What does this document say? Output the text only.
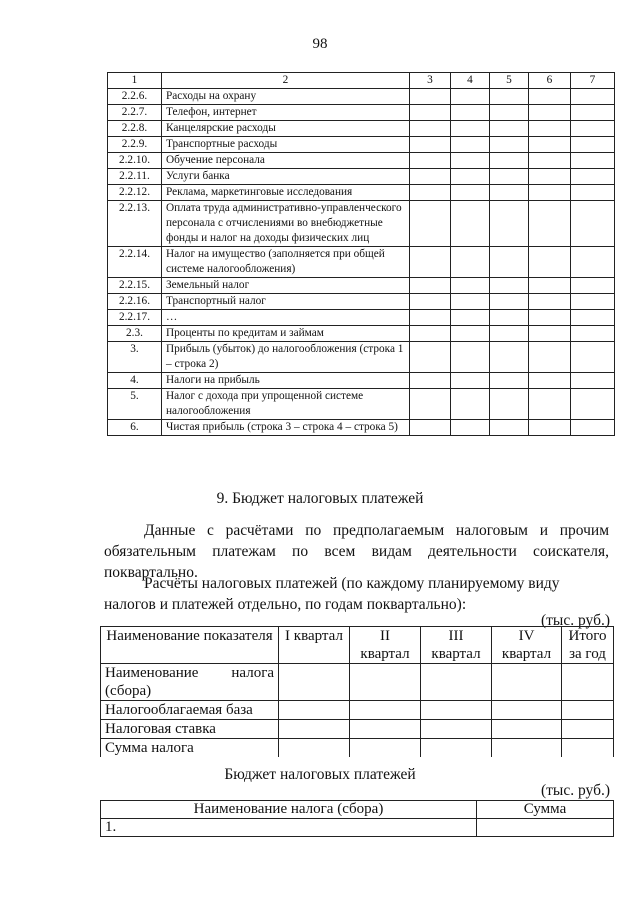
98
1	2	3	4	5	6	7
2.2.6.	Расходы на охрану					
2.2.7.	Телефон, интернет					
2.2.8.	Канцелярские расходы					
2.2.9.	Транспортные расходы					
2.2.10.	Обучение персонала					
2.2.11.	Услуги банка					
2.2.12.	Реклама, маркетинговые исследования					
2.2.13.	Оплата труда административно-управленческого персонала с отчислениями во внебюджетные фонды и налог на доходы физических лиц					
2.2.14.	Налог на имущество (заполняется при общей системе налогообложения)					
2.2.15.	Земельный налог					
2.2.16.	Транспортный налог					
2.2.17.	…					
2.3.	Проценты по кредитам и займам					
3.	Прибыль (убыток) до налогообложения (строка 1 – строка 2)					
4.	Налоги на прибыль					
5.	Налог с дохода при упрощенной системе налогообложения					
6.	Чистая прибыль (строка 3 – строка 4 – строка 5)					
9. Бюджет налоговых платежей
Данные с расчётами по предполагаемым налоговым и прочим обязательным платежам по всем видам деятельности соискателя, поквартально.
Расчёты налоговых платежей (по каждому планируемому виду налогов и платежей отдельно, по годам поквартально):
(тыс. руб.)
Наименование показателя	I квартал	II квартал	III квартал	IV квартал	Итого за год
Наименование налога (сбора)					
Налогооблагаемая база					
Налоговая ставка					
Сумма налога					
Бюджет налоговых платежей
(тыс. руб.)
Наименование налога (сбора)	Сумма
1.	
